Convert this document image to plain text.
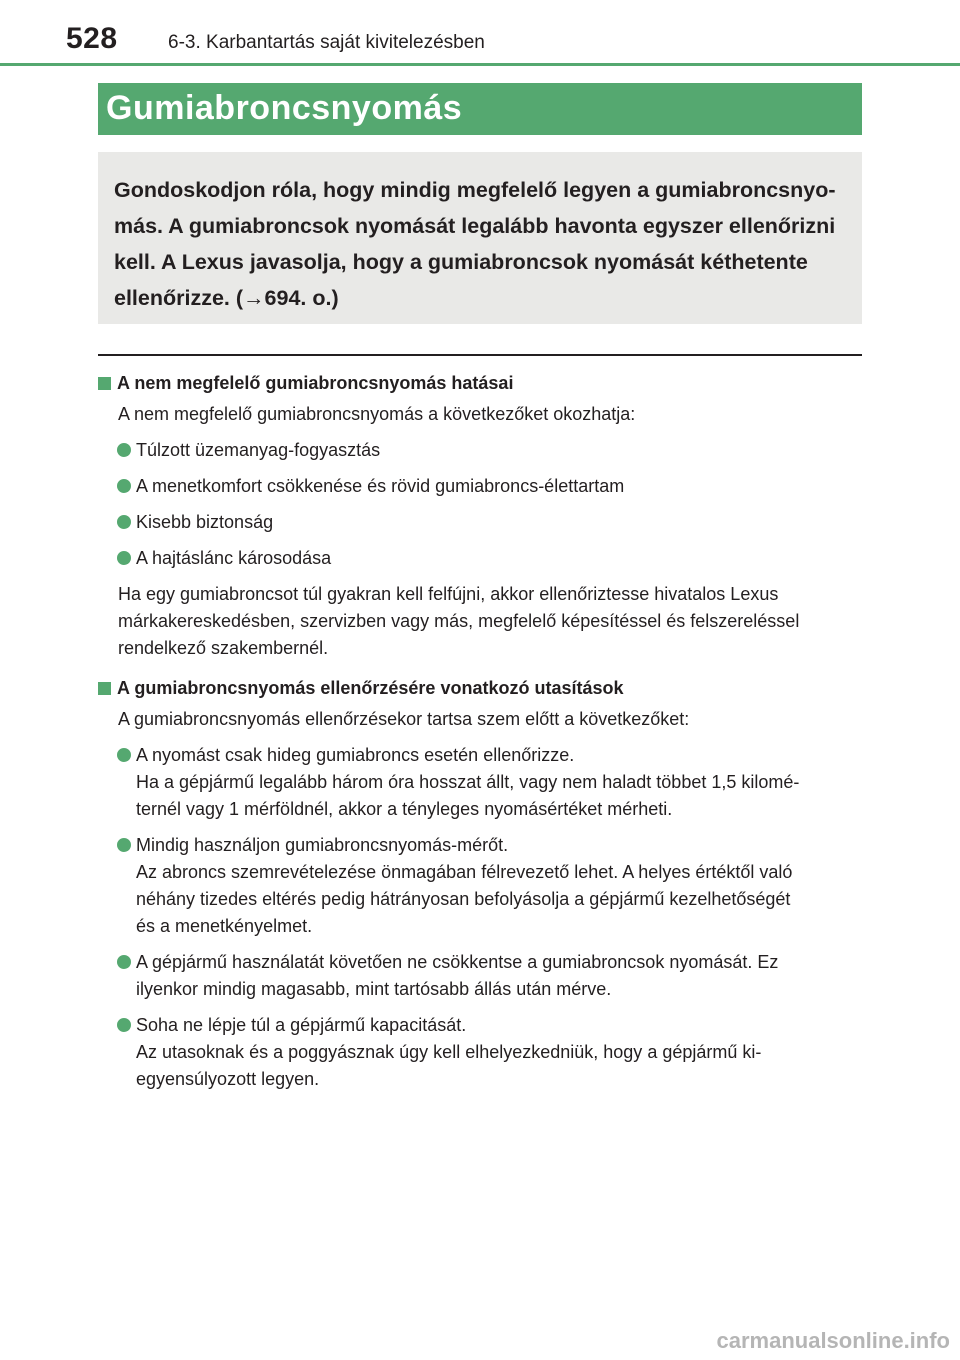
528	6-3. Karbantartás saját kivitelezésben
Gumiabroncsnyomás
Gondoskodjon róla, hogy mindig megfelelő legyen a gumiabroncsnyo-
más. A gumiabroncsok nyomását legalább havonta egyszer ellenőrizni
kell. A Lexus javasolja, hogy a gumiabroncsok nyomását kéthetente
ellenőrizze. (→694. o.)
A nem megfelelő gumiabroncsnyomás hatásai
A nem megfelelő gumiabroncsnyomás a következőket okozhatja:
Túlzott üzemanyag-fogyasztás
A menetkomfort csökkenése és rövid gumiabroncs-élettartam
Kisebb biztonság
A hajtáslánc károsodása
Ha egy gumiabroncsot túl gyakran kell felfújni, akkor ellenőriztesse hivatalos Lexus
márkakereskedésben, szervizben vagy más, megfelelő képesítéssel és felszereléssel
rendelkező szakembernél.
A gumiabroncsnyomás ellenőrzésére vonatkozó utasítások
A gumiabroncsnyomás ellenőrzésekor tartsa szem előtt a következőket:
A nyomást csak hideg gumiabroncs esetén ellenőrizze.
Ha a gépjármű legalább három óra hosszat állt, vagy nem haladt többet 1,5 kilomé-
ternél vagy 1 mérföldnél, akkor a tényleges nyomásértéket mérheti.
Mindig használjon gumiabroncsnyomás-mérőt.
Az abroncs szemrevételezése önmagában félrevezető lehet. A helyes értéktől való
néhány tizedes eltérés pedig hátrányosan befolyásolja a gépjármű kezelhetőségét
és a menetkényelmet.
A gépjármű használatát követően ne csökkentse a gumiabroncsok nyomását. Ez
ilyenkor mindig magasabb, mint tartósabb állás után mérve.
Soha ne lépje túl a gépjármű kapacitását.
Az utasoknak és a poggyásznak úgy kell elhelyezkedniük, hogy a gépjármű ki-
egyensúlyozott legyen.
carmanualsonline.info
